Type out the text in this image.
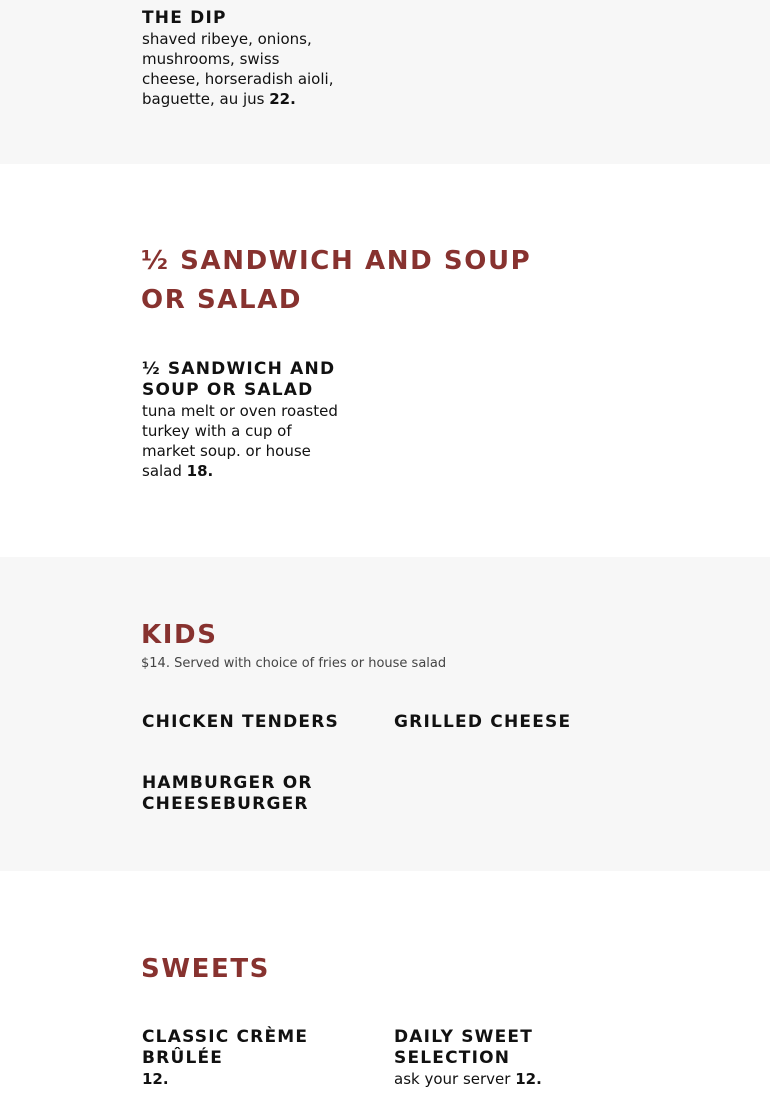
THE DIP
shaved ribeye, onions, mushrooms, swiss cheese, horseradish aioli, baguette, au jus 22.
½ SANDWICH AND SOUP OR SALAD
½ SANDWICH AND SOUP OR SALAD
tuna melt or oven roasted turkey with a cup of market soup. or house salad 18.
KIDS
$14. Served with choice of fries or house salad
CHICKEN TENDERS	GRILLED CHEESE
HAMBURGER OR CHEESEBURGER
SWEETS
CLASSIC CRÈME BRÛLÉE
12.
DAILY SWEET SELECTION
ask your server 12.
